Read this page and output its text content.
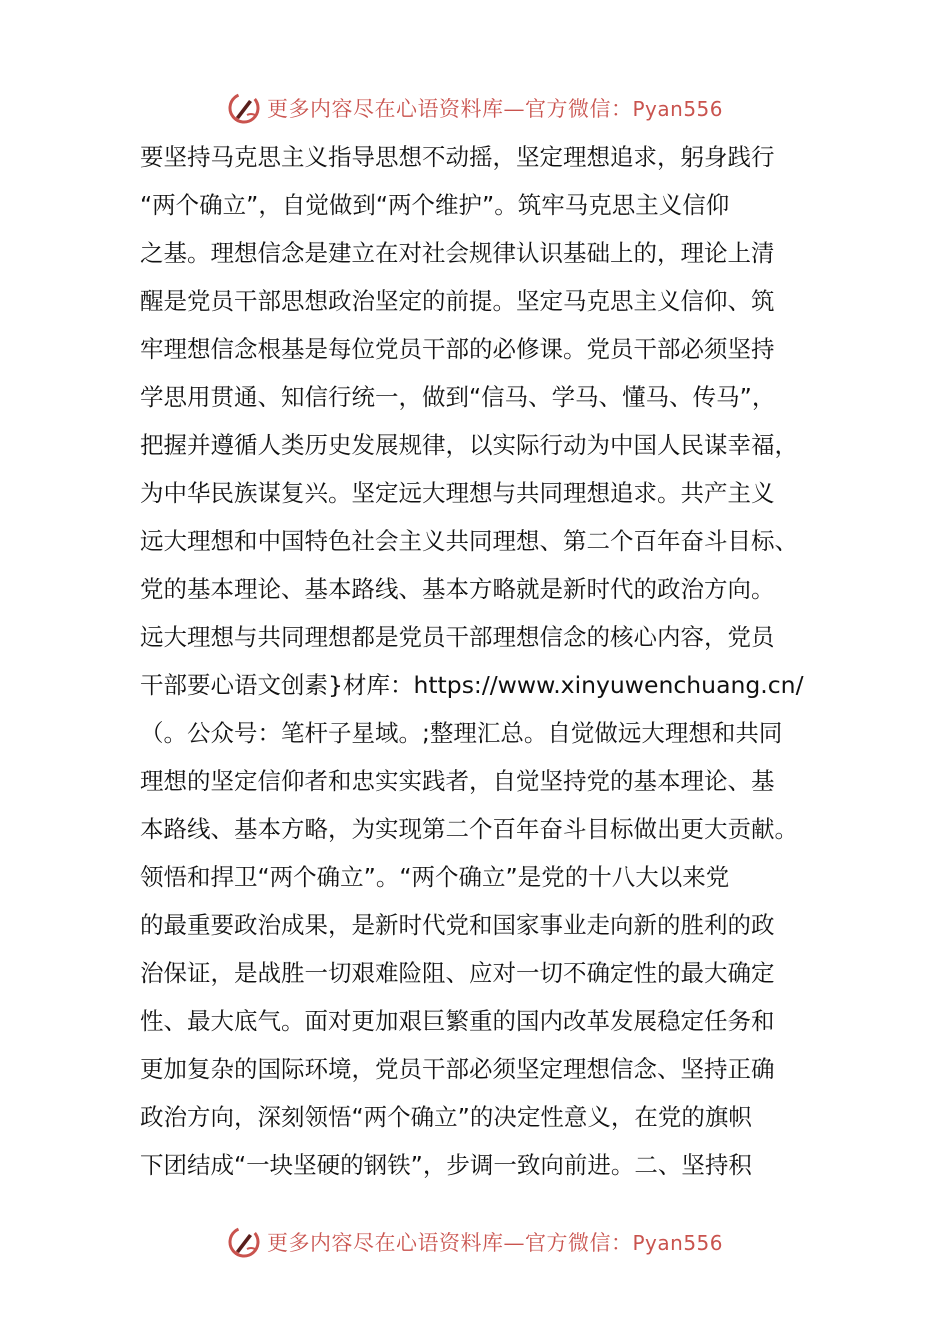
更多内容尽在心语资料库—官方微信：Pyan556
要坚持马克思主义指导思想不动摇，坚定理想追求，躬身践行
“两个确立”，自觉做到“两个维护”。筑牢马克思主义信仰
之基。理想信念是建立在对社会规律认识基础上的，理论上清
醒是党员干部思想政治坚定的前提。坚定马克思主义信仰、筑
牢理想信念根基是每位党员干部的必修课。党员干部必须坚持
学思用贯通、知信行统一，做到“信马、学马、懂马、传马”，
把握并遵循人类历史发展规律，以实际行动为中国人民谋幸福，
为中华民族谋复兴。坚定远大理想与共同理想追求。共产主义
远大理想和中国特色社会主义共同理想、第二个百年奋斗目标、
党的基本理论、基本路线、基本方略就是新时代的政治方向。
远大理想与共同理想都是党员干部理想信念的核心内容，党员
干部要心语文创素}材库：https://www.xinyuwenchuang.cn/
（。公众号：笔杆子星域。;整理汇总。自觉做远大理想和共同
理想的坚定信仰者和忠实实践者，自觉坚持党的基本理论、基
本路线、基本方略，为实现第二个百年奋斗目标做出更大贡献。
领悟和捍卫“两个确立”。“两个确立”是党的十八大以来党
的最重要政治成果，是新时代党和国家事业走向新的胜利的政
治保证，是战胜一切艰难险阻、应对一切不确定性的最大确定
性、最大底气。面对更加艰巨繁重的国内改革发展稳定任务和
更加复杂的国际环境，党员干部必须坚定理想信念、坚持正确
政治方向，深刻领悟“两个确立”的决定性意义，在党的旗帜
下团结成“一块坚硬的钢铁”，步调一致向前进。二、坚持积
更多内容尽在心语资料库—官方微信：Pyan556
